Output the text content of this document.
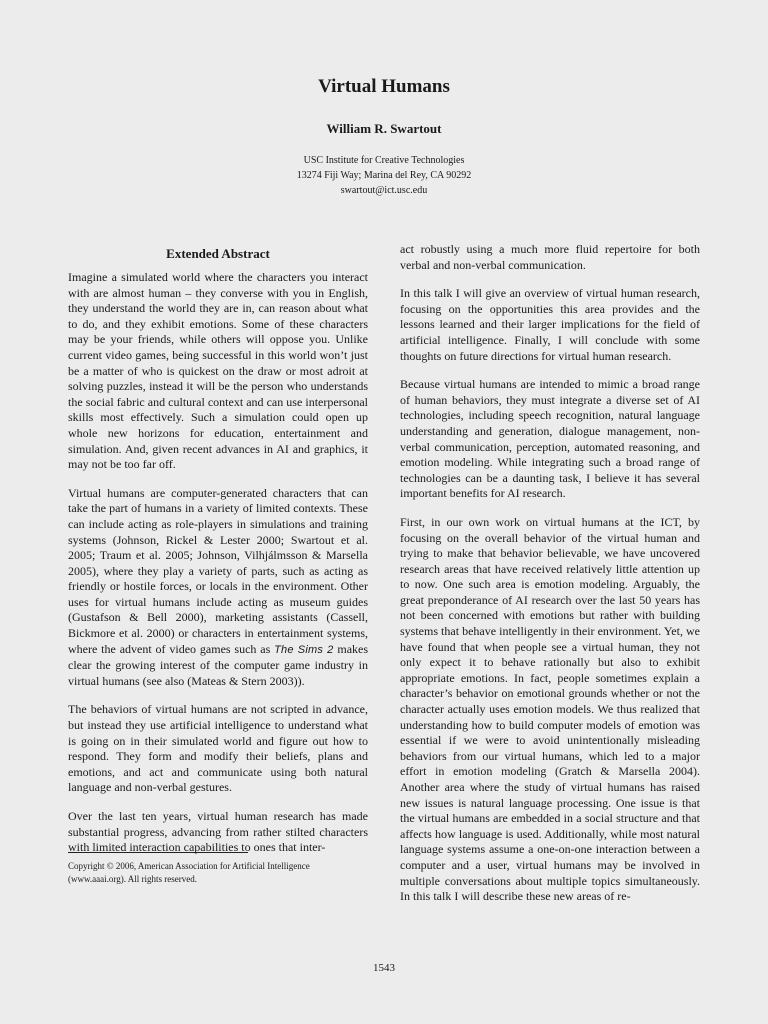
Virtual Humans
William R. Swartout
USC Institute for Creative Technologies
13274 Fiji Way; Marina del Rey, CA 90292
swartout@ict.usc.edu
Extended Abstract

Imagine a simulated world where the characters you interact with are almost human – they converse with you in English, they understand the world they are in, can reason about what to do, and they exhibit emotions. Some of these characters may be your friends, while others will oppose you. Unlike current video games, being successful in this world won’t just be a matter of who is quickest on the draw or most adroit at solving puzzles, instead it will be the person who understands the social fabric and cultural context and can use interpersonal skills most effectively. Such a simulation could open up whole new horizons for education, entertainment and simulation. And, given recent advances in AI and graphics, it may not be too far off.

Virtual humans are computer-generated characters that can take the part of humans in a variety of limited contexts. These can include acting as role-players in simulations and training systems (Johnson, Rickel & Lester 2000; Swartout et al. 2005; Traum et al. 2005; Johnson, Vilhjálmsson & Marsella 2005), where they play a variety of parts, such as acting as friendly or hostile forces, or locals in the environment. Other uses for virtual humans include acting as museum guides (Gustafson & Bell 2000), marketing assistants (Cassell, Bickmore et al. 2000) or characters in entertainment systems, where the advent of video games such as The Sims 2 makes clear the growing interest of the computer game industry in virtual humans (see also (Mateas & Stern 2003)).

The behaviors of virtual humans are not scripted in advance, but instead they use artificial intelligence to understand what is going on in their simulated world and figure out how to respond. They form and modify their beliefs, plans and emotions, and act and communicate using both natural language and non-verbal gestures.

Over the last ten years, virtual human research has made substantial progress, advancing from rather stilted characters with limited interaction capabilities to ones that inter-

act robustly using a much more fluid repertoire for both verbal and non-verbal communication.

In this talk I will give an overview of virtual human research, focusing on the opportunities this area provides and the lessons learned and their larger implications for the field of artificial intelligence. Finally, I will conclude with some thoughts on future directions for virtual human research.

Because virtual humans are intended to mimic a broad range of human behaviors, they must integrate a diverse set of AI technologies, including speech recognition, natural language understanding and generation, dialogue management, non-verbal communication, perception, automated reasoning, and emotion modeling. While integrating such a broad range of technologies can be a daunting task, I believe it has several important benefits for AI research.

First, in our own work on virtual humans at the ICT, by focusing on the overall behavior of the virtual human and trying to make that behavior believable, we have uncovered research areas that have received relatively little attention up to now. One such area is emotion modeling. Arguably, the great preponderance of AI research over the last 50 years has not been concerned with emotions but rather with building systems that behave intelligently in their environment. Yet, we have found that when people see a virtual human, they not only expect it to behave rationally but also to exhibit appropriate emotions. In fact, people sometimes explain a character’s behavior on emotional grounds whether or not the character actually uses emotion models. We thus realized that understanding how to build computer models of emotion was essential if we were to avoid unintentionally misleading behaviors from our virtual humans, which led to a major effort in emotion modeling (Gratch & Marsella 2004). Another area where the study of virtual humans has raised new issues is natural language processing. One issue is that the virtual humans are embedded in a social structure and that affects how language is used. Additionally, while most natural language systems assume a one-on-one interaction between a computer and a user, virtual humans may be involved in multiple conversations about multiple topics simultaneously. In this talk I will describe these new areas of re-

Copyright © 2006, American Association for Artificial Intelligence
(www.aaai.org). All rights reserved.
1543
